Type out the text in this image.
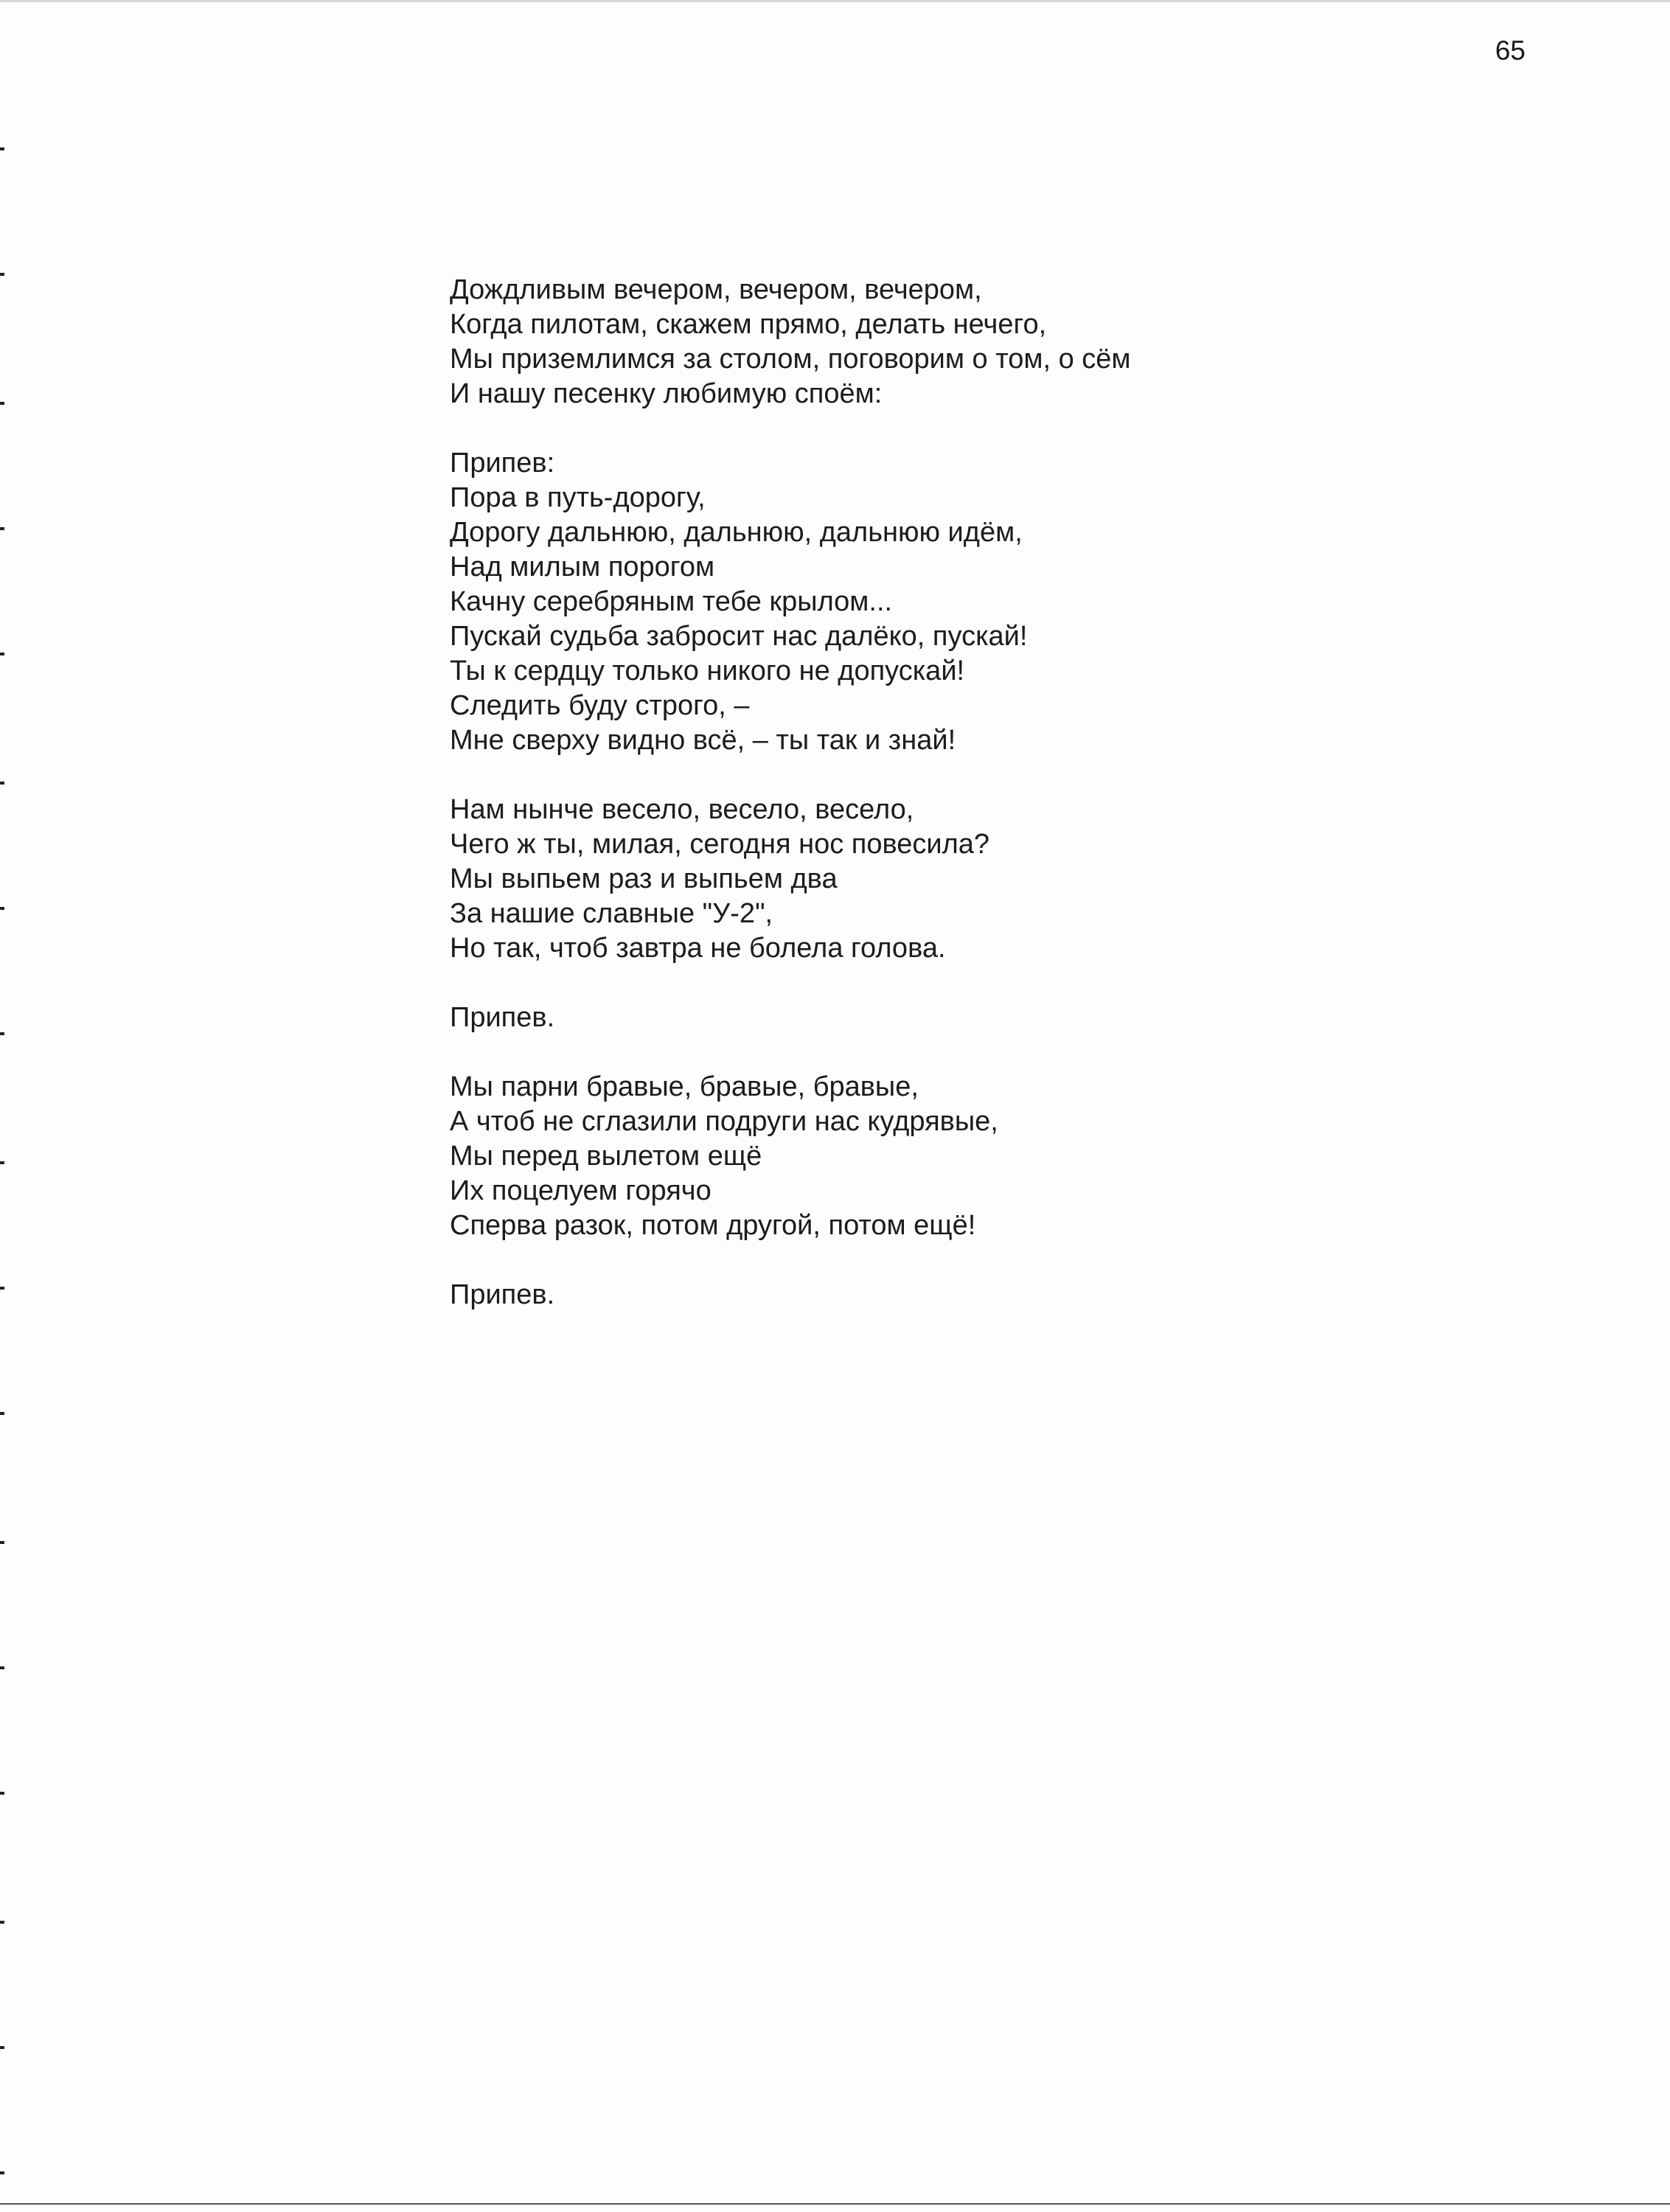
65
Дождливым вечером, вечером, вечером,
Когда пилотам, скажем прямо, делать нечего,
Мы приземлимся за столом, поговорим о том, о сём
И нашу песенку любимую споём:
Припев:
Пора в путь-дорогу,
Дорогу дальнюю, дальнюю, дальнюю идём,
Над милым порогом
Качну серебряным тебе крылом...
Пускай судьба забросит нас далёко, пускай!
Ты к сердцу только никого не допускай!
Следить буду строго, –
Мне сверху видно всё, – ты так и знай!
Нам нынче весело, весело, весело,
Чего ж ты, милая, сегодня нос повесила?
Мы выпьем раз и выпьем два
За нашие славные "У-2",
Но так, чтоб завтра не болела голова.
Припев.
Мы парни бравые, бравые, бравые,
А чтоб не сглазили подруги нас кудрявые,
Мы перед вылетом ещё
Их поцелуем горячо
Сперва разок, потом другой, потом ещё!
Припев.
